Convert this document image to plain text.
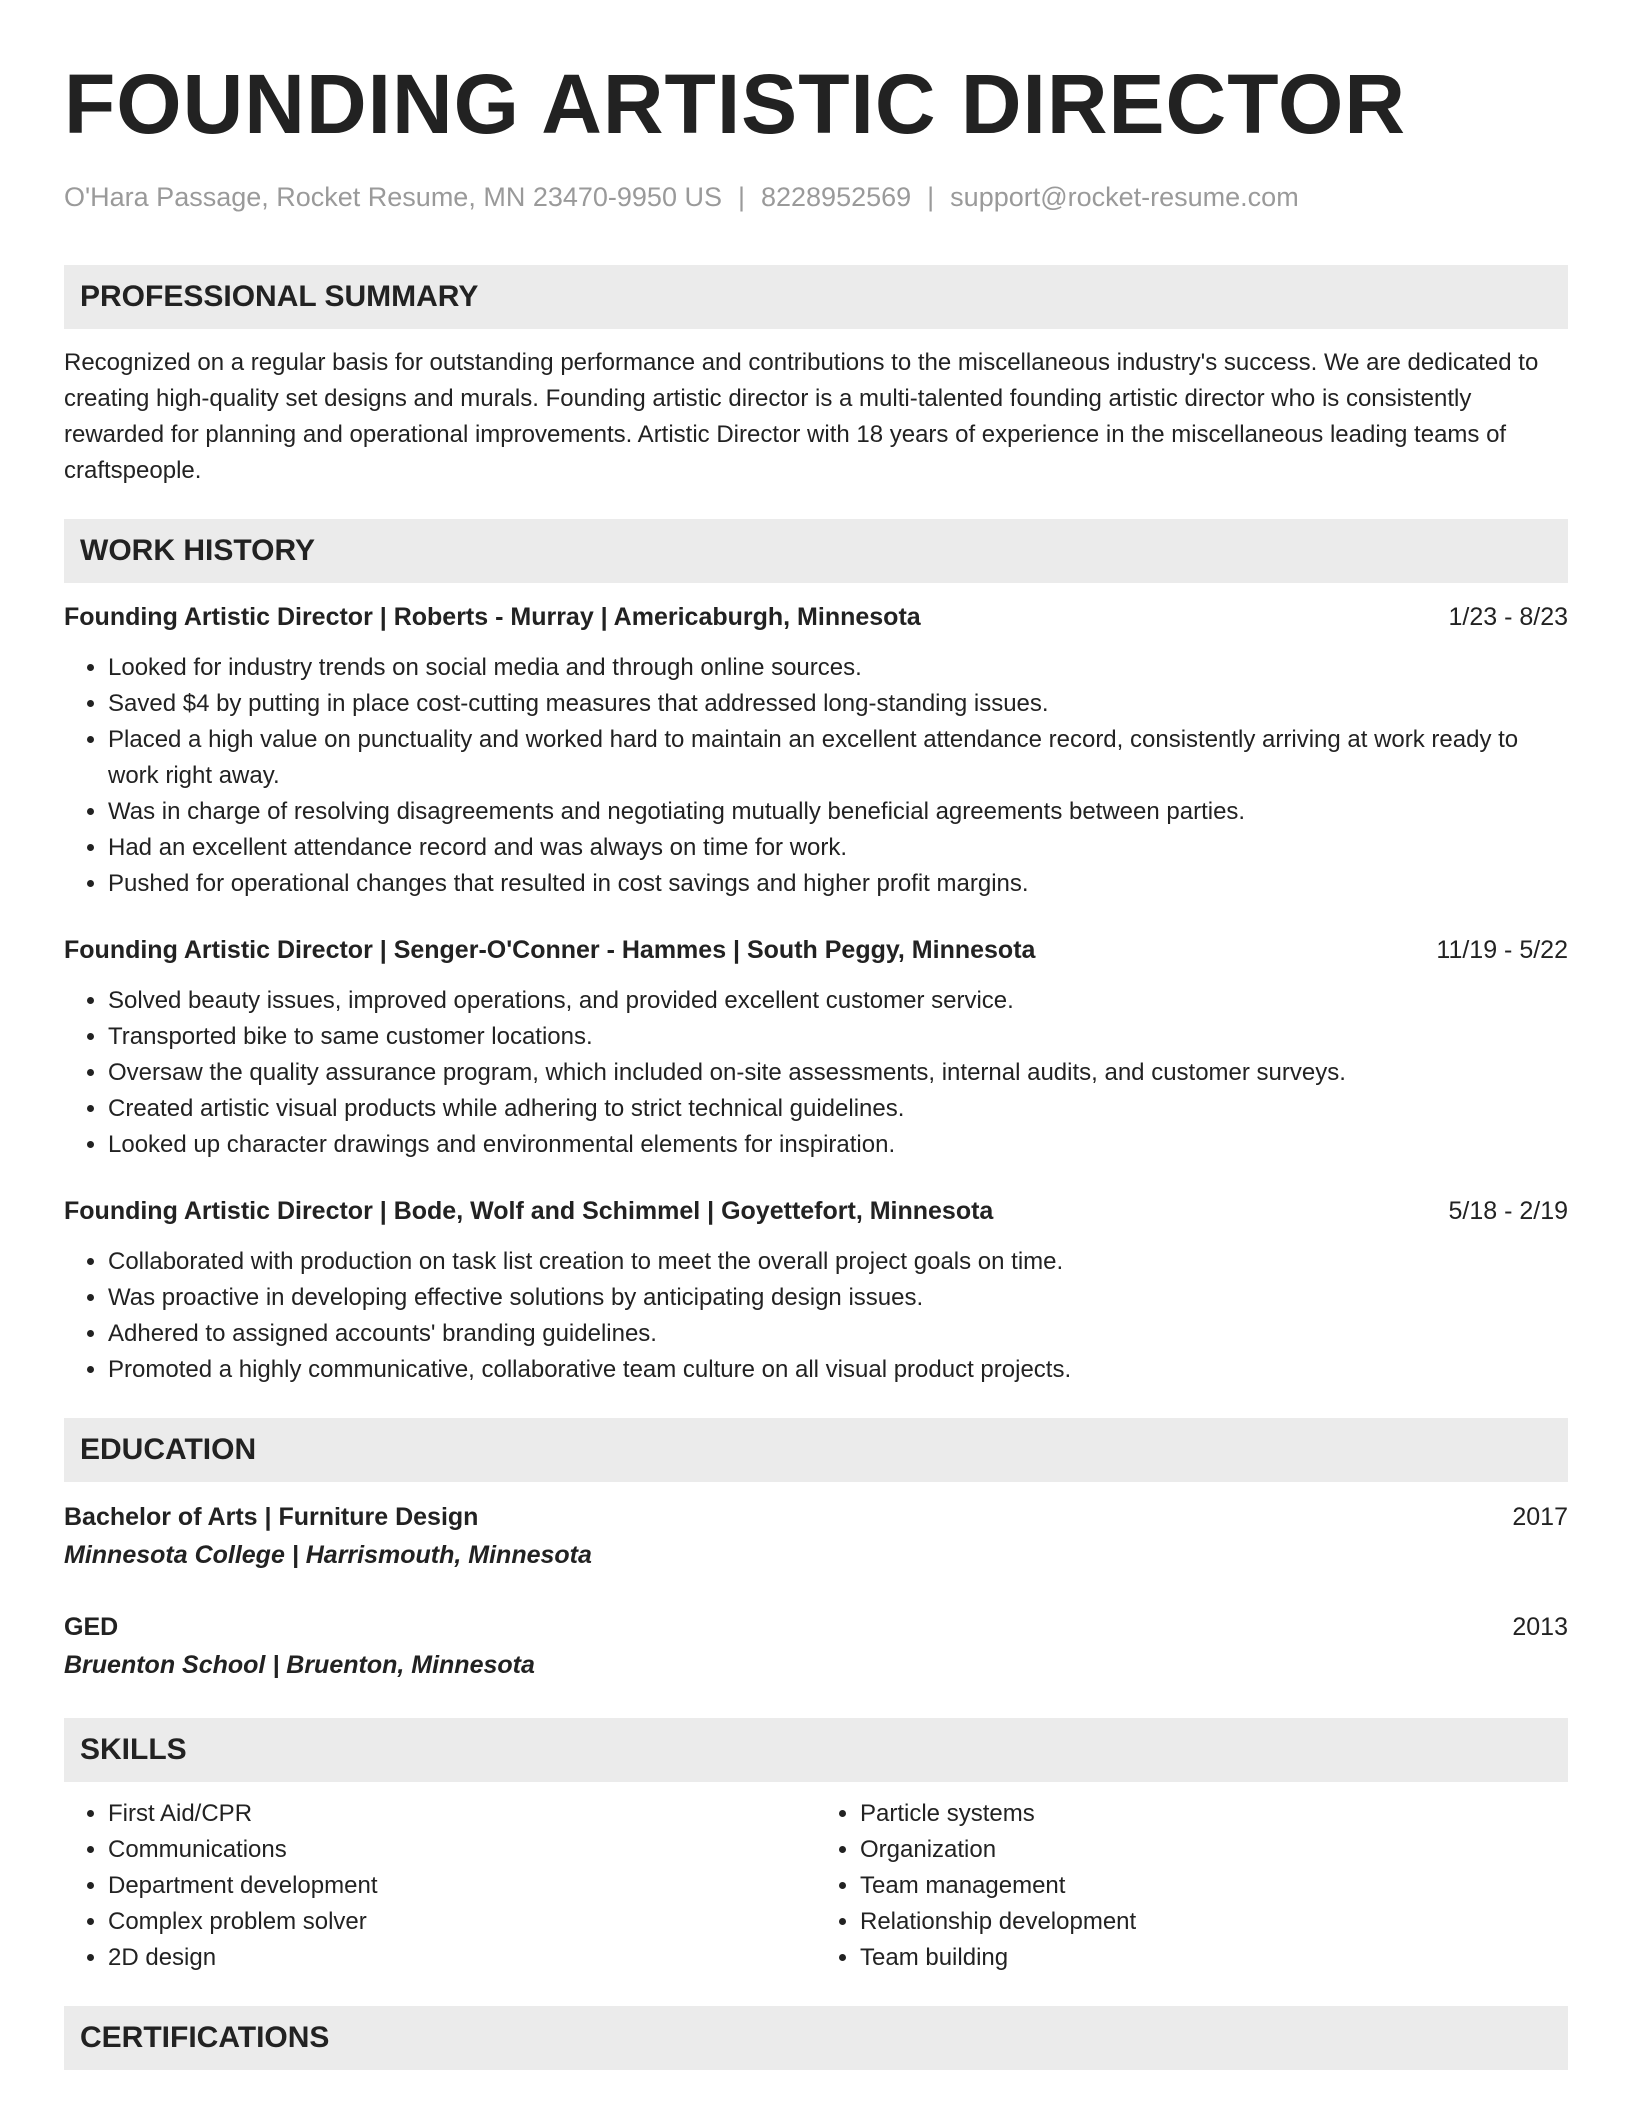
FOUNDING ARTISTIC DIRECTOR
O'Hara Passage, Rocket Resume, MN 23470-9950 US | 8228952569 | support@rocket-resume.com
PROFESSIONAL SUMMARY
Recognized on a regular basis for outstanding performance and contributions to the miscellaneous industry's success. We are dedicated to creating high-quality set designs and murals. Founding artistic director is a multi-talented founding artistic director who is consistently rewarded for planning and operational improvements. Artistic Director with 18 years of experience in the miscellaneous leading teams of craftspeople.
WORK HISTORY
Founding Artistic Director | Roberts - Murray | Americaburgh, Minnesota	1/23 - 8/23
• Looked for industry trends on social media and through online sources.
• Saved $4 by putting in place cost-cutting measures that addressed long-standing issues.
• Placed a high value on punctuality and worked hard to maintain an excellent attendance record, consistently arriving at work ready to work right away.
• Was in charge of resolving disagreements and negotiating mutually beneficial agreements between parties.
• Had an excellent attendance record and was always on time for work.
• Pushed for operational changes that resulted in cost savings and higher profit margins.
Founding Artistic Director | Senger-O'Conner - Hammes | South Peggy, Minnesota	11/19 - 5/22
• Solved beauty issues, improved operations, and provided excellent customer service.
• Transported bike to same customer locations.
• Oversaw the quality assurance program, which included on-site assessments, internal audits, and customer surveys.
• Created artistic visual products while adhering to strict technical guidelines.
• Looked up character drawings and environmental elements for inspiration.
Founding Artistic Director | Bode, Wolf and Schimmel | Goyettefort, Minnesota	5/18 - 2/19
• Collaborated with production on task list creation to meet the overall project goals on time.
• Was proactive in developing effective solutions by anticipating design issues.
• Adhered to assigned accounts' branding guidelines.
• Promoted a highly communicative, collaborative team culture on all visual product projects.
EDUCATION
Bachelor of Arts | Furniture Design	2017
Minnesota College | Harrismouth, Minnesota
GED	2013
Bruenton School | Bruenton, Minnesota
SKILLS
• First Aid/CPR
• Communications
• Department development
• Complex problem solver
• 2D design
• Particle systems
• Organization
• Team management
• Relationship development
• Team building
CERTIFICATIONS
